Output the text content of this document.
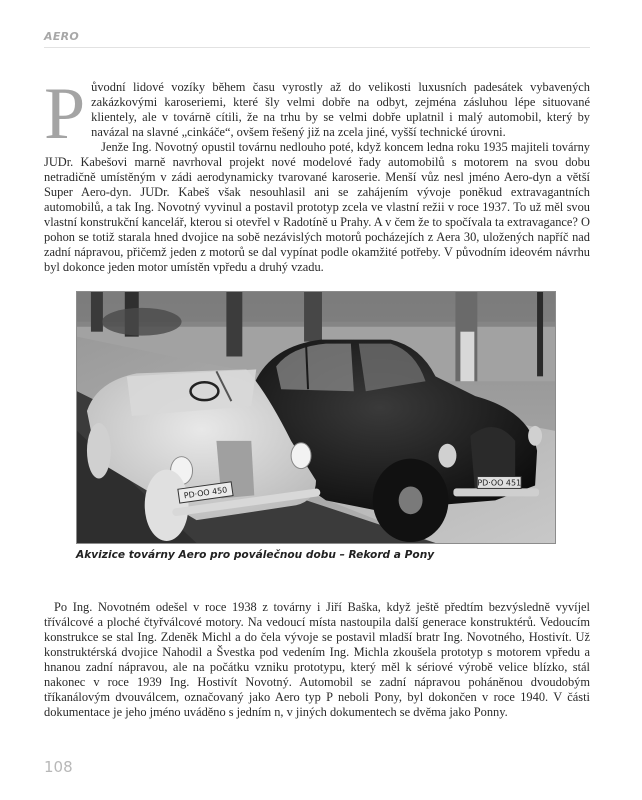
AERO

Původní lidové vozíky během času vyrostly až do velikosti luxusních padesátek vybavených zakázkovými karoseriemi, které šly velmi dobře na odbyt, zejména zásluhou lépe situované klientely, ale v továrně cítili, že na trhu by se velmi dobře uplatnil i malý automobil, který by navázal na slavné „cinkáče“, ovšem řešený již na zcela jiné, vyšší technické úrovni.

Jenže Ing. Novotný opustil továrnu nedlouho poté, když koncem ledna roku 1935 majiteli továrny JUDr. Kabešovi marně navrhoval projekt nové modelové řady automobilů s motorem na svou dobu netradičně umístěným v zádi aerodynamicky tvarované karoserie. Menší vůz nesl jméno Aero-dyn a větší Super Aero-dyn. JUDr. Kabeš však nesouhlasil ani se zahájením vývoje poněkud extravagantních automobilů, a tak Ing. Novotný vyvinul a postavil prototyp zcela ve vlastní režii v roce 1937. To už měl svou vlastní konstrukční kancelář, kterou si otevřel v Radotíně u Prahy. A v čem že to spočívala ta extravagance? O pohon se totiž starala hned dvojice na sobě nezávislých motorů pocházejích z Aera 30, uložených napříč nad zadní nápravou, přičemž jeden z motorů se dal vypínat podle okamžité potřeby. V původním ideovém návrhu byl dokonce jeden motor umístěn vpředu a druhý vzadu.

PD·OO 451
PD·OO 450
Akvizice továrny Aero pro poválečnou dobu – Rekord a Pony

Po Ing. Novotném odešel v roce 1938 z továrny i Jiří Baška, když ještě předtím bezvýsledně vyvíjel tříválcové a ploché čtyřválcové motory. Na vedoucí místa nastoupila další generace konstruktérů. Vedoucím konstrukce se stal Ing. Zdeněk Michl a do čela vývoje se postavil mladší bratr Ing. Novotného, Hostivít. Už konstruktérská dvojice Nahodil a Švestka pod vedením Ing. Michla zkoušela prototyp s motorem vpředu a hnanou zadní nápravou, ale na počátku vzniku prototypu, který měl k sériové výrobě velice blízko, stál nakonec v roce 1939 Ing. Hostivít Novotný. Automobil se zadní nápravou poháněnou dvoudobým tříkanálovým dvouválcem, označovaný jako Aero typ P neboli Pony, byl dokončen v roce 1940. V části dokumentace je jeho jméno uváděno s jedním n, v jiných dokumentech se dvěma jako Ponny.

108
